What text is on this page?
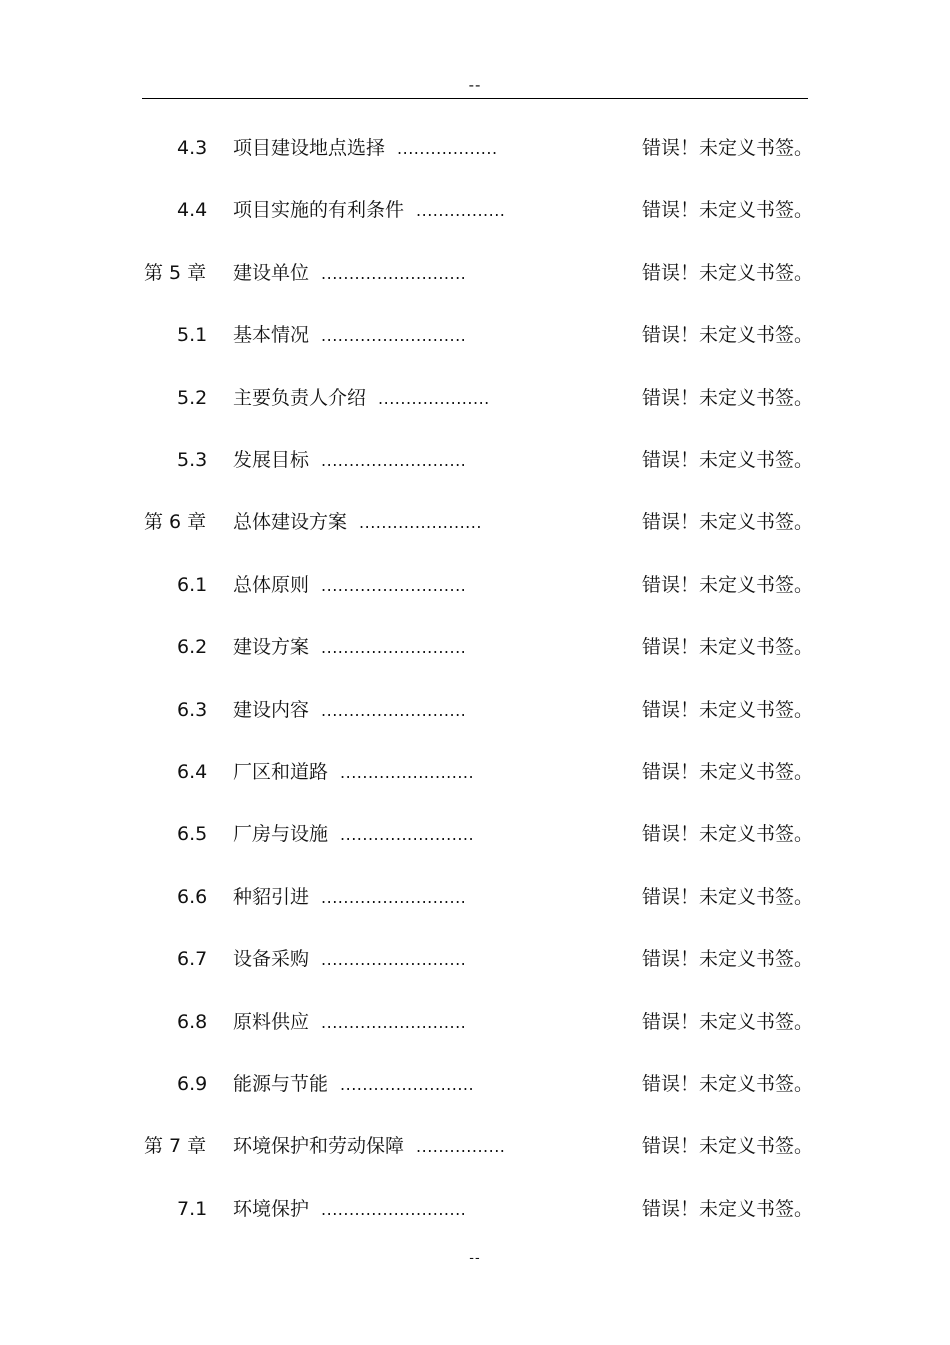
--
4.3 项目建设地点选择 ..................	错误！未定义书签。
4.4 项目实施的有利条件 ................	错误！未定义书签。
第 5 章 建设单位 ..........................	错误！未定义书签。
5.1 基本情况 ..........................	错误！未定义书签。
5.2 主要负责人介绍 ....................	错误！未定义书签。
5.3 发展目标 ..........................	错误！未定义书签。
第 6 章 总体建设方案 ......................	错误！未定义书签。
6.1 总体原则 ..........................	错误！未定义书签。
6.2 建设方案 ..........................	错误！未定义书签。
6.3 建设内容 ..........................	错误！未定义书签。
6.4 厂区和道路 ........................	错误！未定义书签。
6.5 厂房与设施 ........................	错误！未定义书签。
6.6 种貂引进 ..........................	错误！未定义书签。
6.7 设备采购 ..........................	错误！未定义书签。
6.8 原料供应 ..........................	错误！未定义书签。
6.9 能源与节能 ........................	错误！未定义书签。
第 7 章 环境保护和劳动保障 ................	错误！未定义书签。
7.1 环境保护 ..........................	错误！未定义书签。
--
